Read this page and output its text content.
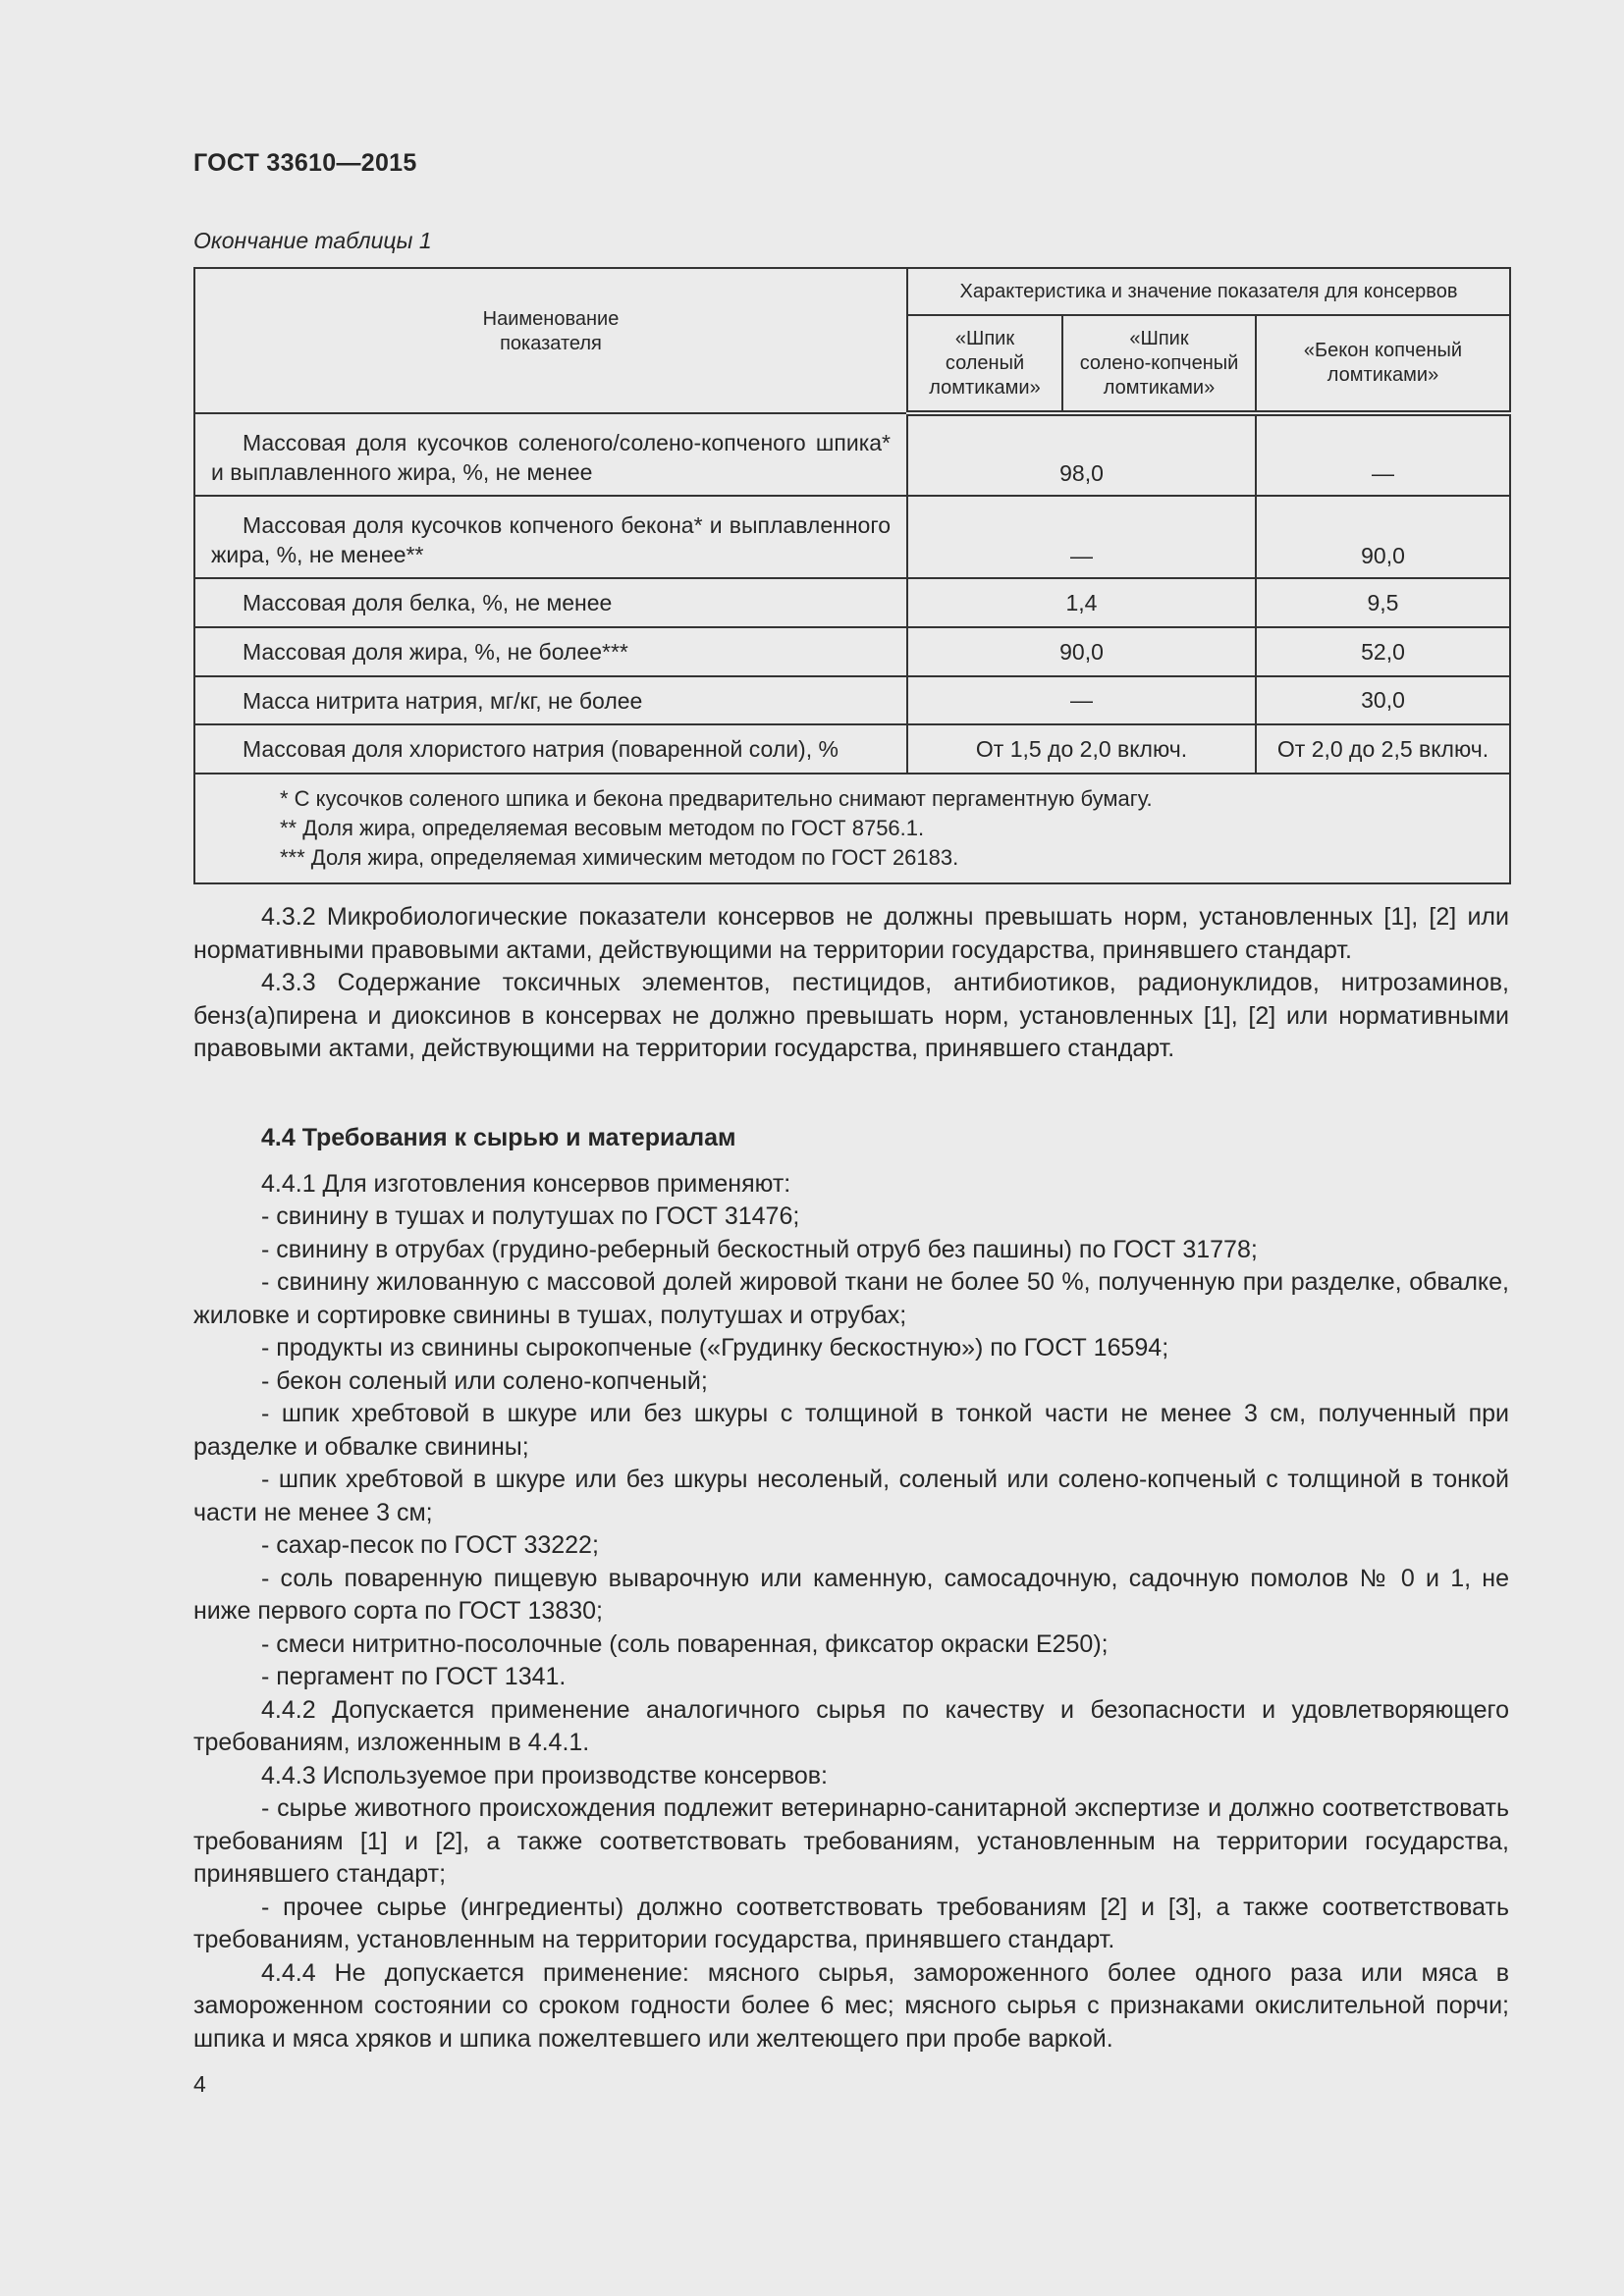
ГОСТ 33610—2015
Окончание таблицы 1
Наименование
показателя	Характеристика и значение показателя для консервов		
	«Шпик
соленый
ломтиками»	«Шпик
солено-копченый
ломтиками»	«Бекон копченый
ломтиками»
Массовая доля кусочков соленого/солено-копченого шпика* и выплавленного жира, %, не менее	98,0		—
Массовая доля кусочков копченого бекона* и выплавленного жира, %, не менее**	—		90,0
Массовая доля белка, %, не менее	1,4		9,5
Массовая доля жира, %, не более***	90,0		52,0
Масса нитрита натрия, мг/кг, не более	—		30,0
Массовая доля хлористого натрия (поваренной соли), %	От 1,5 до 2,0 включ.		От 2,0 до 2,5 включ.

* С кусочков соленого шпика и бекона предварительно снимают пергаментную бумагу.
** Доля жира, определяемая весовым методом по ГОСТ 8756.1.
*** Доля жира, определяемая химическим методом по ГОСТ 26183.			

4.3.2 Микробиологические показатели консервов не должны превышать норм, установленных [1], [2] или нормативными правовыми актами, действующими на территории государства, принявшего стандарт.

4.3.3 Содержание токсичных элементов, пестицидов, антибиотиков, радионуклидов, нитрозаминов, бенз(а)пирена и диоксинов в консервах не должно превышать норм, установленных [1], [2] или нормативными правовыми актами, действующими на территории государства, принявшего стандарт.

4.4 Требования к сырью и материалам

4.4.1 Для изготовления консервов применяют:

- свинину в тушах и полутушах по ГОСТ 31476;

- свинину в отрубах (грудино-реберный бескостный отруб без пашины) по ГОСТ 31778;

- свинину жилованную с массовой долей жировой ткани не более 50 %, полученную при разделке, обвалке, жиловке и сортировке свинины в тушах, полутушах и отрубах;

- продукты из свинины сырокопченые («Грудинку бескостную») по ГОСТ 16594;

- бекон соленый или солено-копченый;

- шпик хребтовой в шкуре или без шкуры с толщиной в тонкой части не менее 3 см, полученный при разделке и обвалке свинины;

- шпик хребтовой в шкуре или без шкуры несоленый, соленый или солено-копченый с толщиной в тонкой части не менее 3 см;

- сахар-песок по ГОСТ 33222;

- соль поваренную пищевую выварочную или каменную, самосадочную, садочную помолов № 0 и 1, не ниже первого сорта по ГОСТ 13830;

- смеси нитритно-посолочные (соль поваренная, фиксатор окраски Е250);

- пергамент по ГОСТ 1341.

4.4.2 Допускается применение аналогичного сырья по качеству и безопасности и удовлетворяющего требованиям, изложенным в 4.4.1.

4.4.3 Используемое при производстве консервов:

- сырье животного происхождения подлежит ветеринарно-санитарной экспертизе и должно соответствовать требованиям [1] и [2], а также соответствовать требованиям, установленным на территории государства, принявшего стандарт;

- прочее сырье (ингредиенты) должно соответствовать требованиям [2] и [3], а также соответствовать требованиям, установленным на территории государства, принявшего стандарт.

4.4.4 Не допускается применение: мясного сырья, замороженного более одного раза или мяса в замороженном состоянии со сроком годности более 6 мес; мясного сырья с признаками окислительной порчи; шпика и мяса хряков и шпика пожелтевшего или желтеющего при пробе варкой.

4
